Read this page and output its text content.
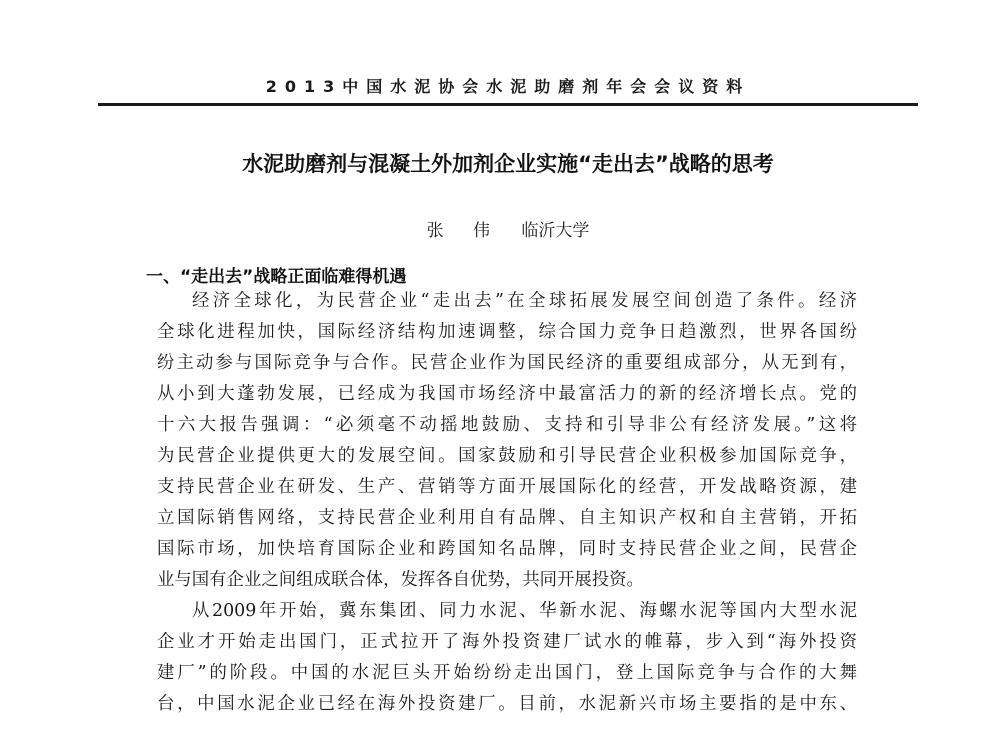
2013中国水泥协会水泥助磨剂年会会议资料
水泥助磨剂与混凝土外加剂企业实施“走出去”战略的思考
张 伟 临沂大学
一、“走出去”战略正面临难得机遇
经济全球化，为民营企业“走出去”在全球拓展发展空间创造了条件。经济
全球化进程加快，国际经济结构加速调整，综合国力竞争日趋激烈，世界各国纷
纷主动参与国际竞争与合作。民营企业作为国民经济的重要组成部分，从无到有，
从小到大蓬勃发展，已经成为我国市场经济中最富活力的新的经济增长点。党的
十六大报告强调：“必须毫不动摇地鼓励、支持和引导非公有经济发展。”这将
为民营企业提供更大的发展空间。国家鼓励和引导民营企业积极参加国际竞争，
支持民营企业在研发、生产、营销等方面开展国际化的经营，开发战略资源，建
立国际销售网络，支持民营企业利用自有品牌、自主知识产权和自主营销，开拓
国际市场，加快培育国际企业和跨国知名品牌，同时支持民营企业之间，民营企
业与国有企业之间组成联合体，发挥各自优势，共同开展投资。
从2009年开始，冀东集团、同力水泥、华新水泥、海螺水泥等国内大型水泥
企业才开始走出国门，正式拉开了海外投资建厂试水的帷幕，步入到“海外投资
建厂”的阶段。中国的水泥巨头开始纷纷走出国门，登上国际竞争与合作的大舞
台，中国水泥企业已经在海外投资建厂。目前，水泥新兴市场主要指的是中东、
